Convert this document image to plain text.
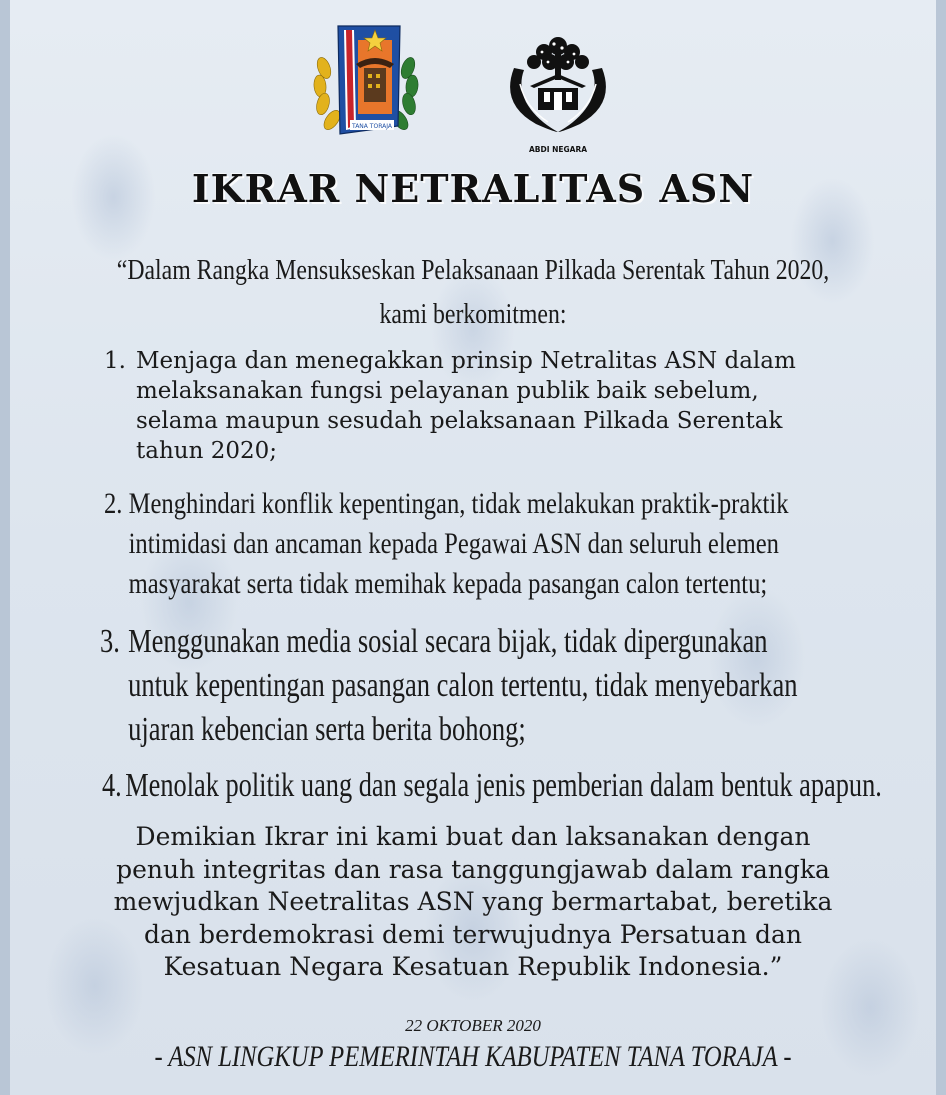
TANA TORAJA
ABDI NEGARA
IKRAR NETRALITAS ASN
“Dalam Rangka Mensukseskan Pelaksanaan Pilkada Serentak Tahun 2020,
kami berkomitmen:
1. Menjaga dan menegakkan prinsip Netralitas ASN dalam
melaksanakan fungsi pelayanan publik baik sebelum,
selama maupun sesudah pelaksanaan Pilkada Serentak
tahun 2020;
2. Menghindari konflik kepentingan, tidak melakukan praktik-praktik
intimidasi dan ancaman kepada Pegawai ASN dan seluruh elemen
masyarakat serta tidak memihak kepada pasangan calon tertentu;
3. Menggunakan media sosial secara bijak, tidak dipergunakan
untuk kepentingan pasangan calon tertentu, tidak menyebarkan
ujaran kebencian serta berita bohong;
4. Menolak politik uang dan segala jenis pemberian dalam bentuk apapun.
Demikian Ikrar ini kami buat dan laksanakan dengan
penuh integritas dan rasa tanggungjawab dalam rangka
mewjudkan Neetralitas ASN yang bermartabat, beretika
dan berdemokrasi demi terwujudnya Persatuan dan
Kesatuan Negara Kesatuan Republik Indonesia.”
22 OKTOBER 2020
- ASN LINGKUP PEMERINTAH KABUPATEN TANA TORAJA -
